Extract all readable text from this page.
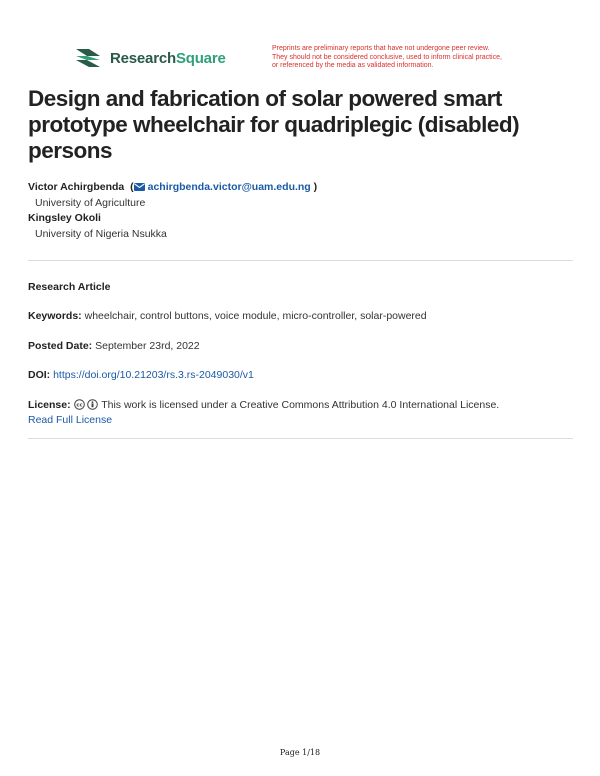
ResearchSquare
Preprints are preliminary reports that have not undergone peer review.
They should not be considered conclusive, used to inform clinical practice,
or referenced by the media as validated information.
Design and fabrication of solar powered smart prototype wheelchair for quadriplegic (disabled) persons
Victor Achirgbenda  ( achirgbenda.victor@uam.edu.ng )
University of Agriculture
Kingsley Okoli
University of Nigeria Nsukka
Research Article
Keywords: wheelchair, control buttons, voice module, micro-controller, solar-powered
Posted Date: September 23rd, 2022
DOI: https://doi.org/10.21203/rs.3.rs-2049030/v1
License: cc This work is licensed under a Creative Commons Attribution 4.0 International License.
Read Full License
Page 1/18
